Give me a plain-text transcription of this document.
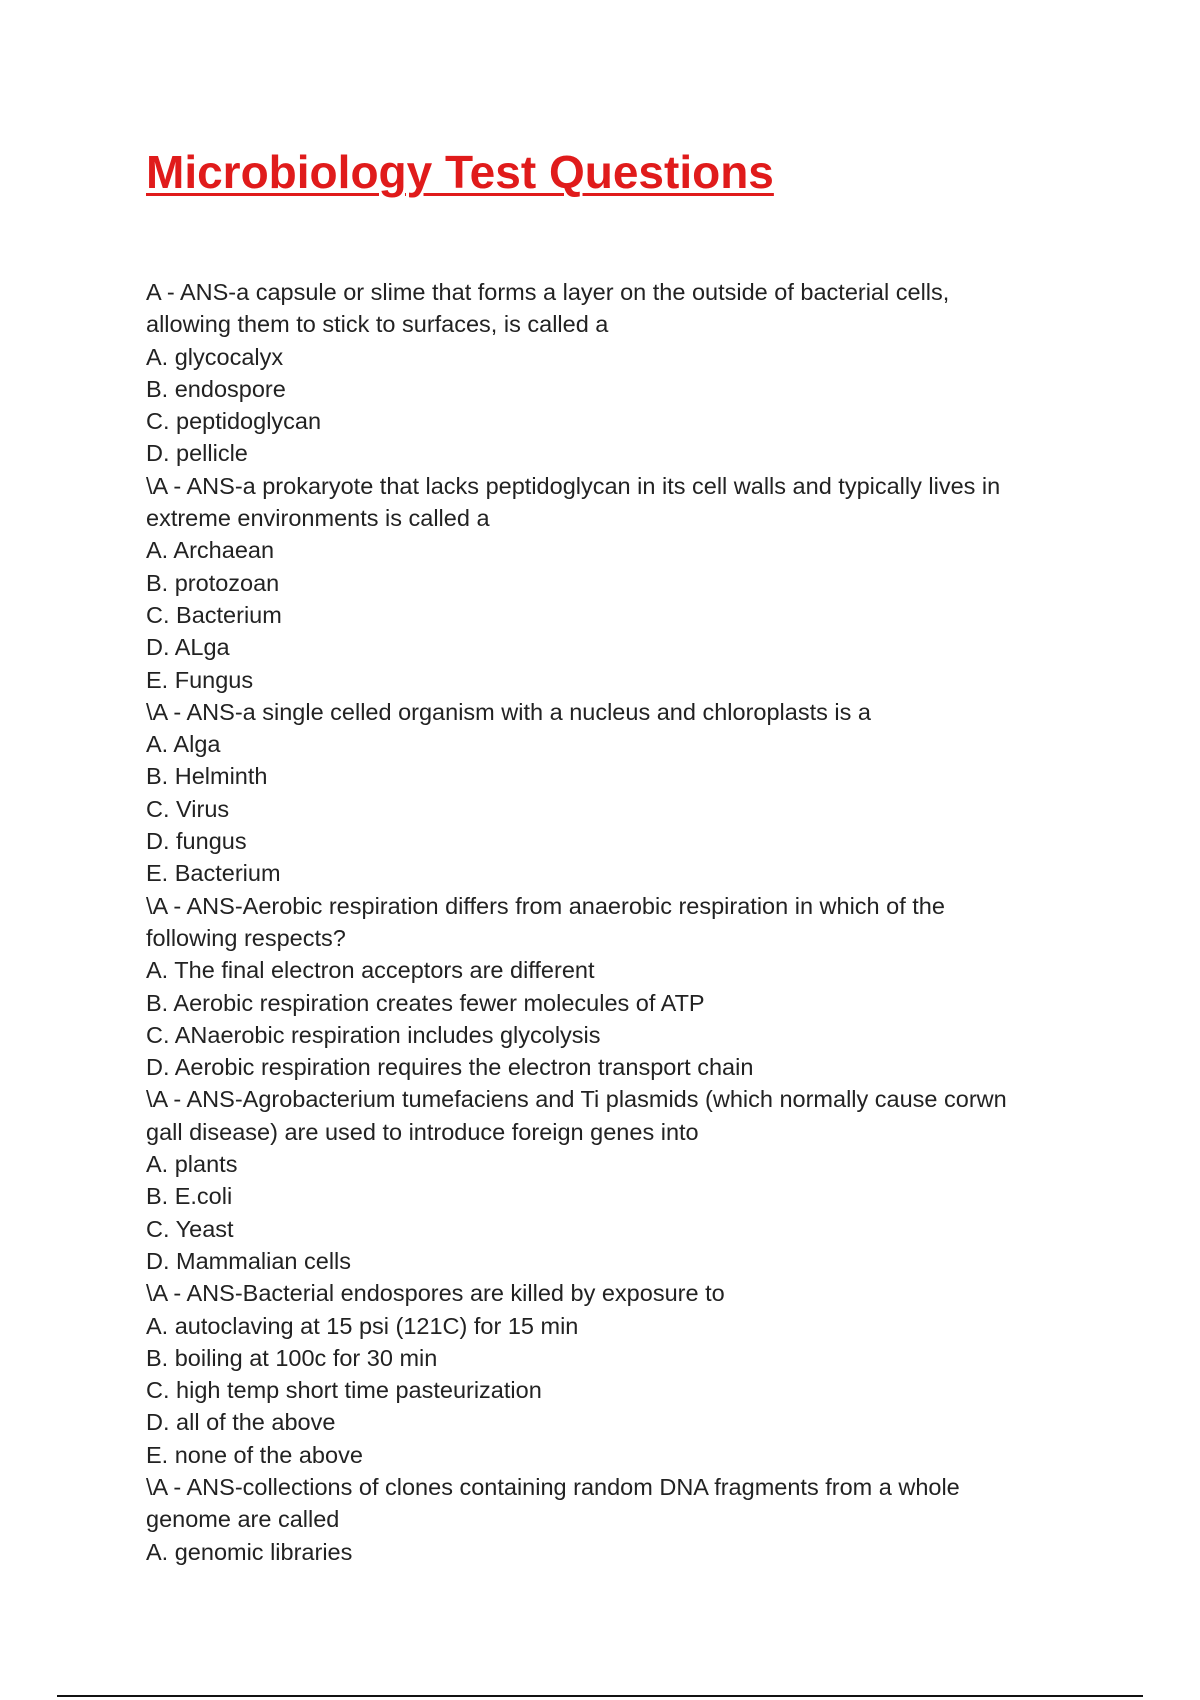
Microbiology Test Questions

A - ANS-a capsule or slime that forms a layer on the outside of bacterial cells,

allowing them to stick to surfaces, is called a

A. glycocalyx

B. endospore

C. peptidoglycan

D. pellicle

\A - ANS-a prokaryote that lacks peptidoglycan in its cell walls and typically lives in

extreme environments is called a

A. Archaean

B. protozoan

C. Bacterium

D. ALga

E. Fungus

\A - ANS-a single celled organism with a nucleus and chloroplasts is a

A. Alga

B. Helminth

C. Virus

D. fungus

E. Bacterium

\A - ANS-Aerobic respiration differs from anaerobic respiration in which of the

following respects?

A. The final electron acceptors are different

B. Aerobic respiration creates fewer molecules of ATP

C. ANaerobic respiration includes glycolysis

D. Aerobic respiration requires the electron transport chain

\A - ANS-Agrobacterium tumefaciens and Ti plasmids (which normally cause corwn

gall disease) are used to introduce foreign genes into

A. plants

B. E.coli

C. Yeast

D. Mammalian cells

\A - ANS-Bacterial endospores are killed by exposure to

A. autoclaving at 15 psi (121C) for 15 min

B. boiling at 100c for 30 min

C. high temp short time pasteurization

D. all of the above

E. none of the above

\A - ANS-collections of clones containing random DNA fragments from a whole

genome are called

A. genomic libraries
